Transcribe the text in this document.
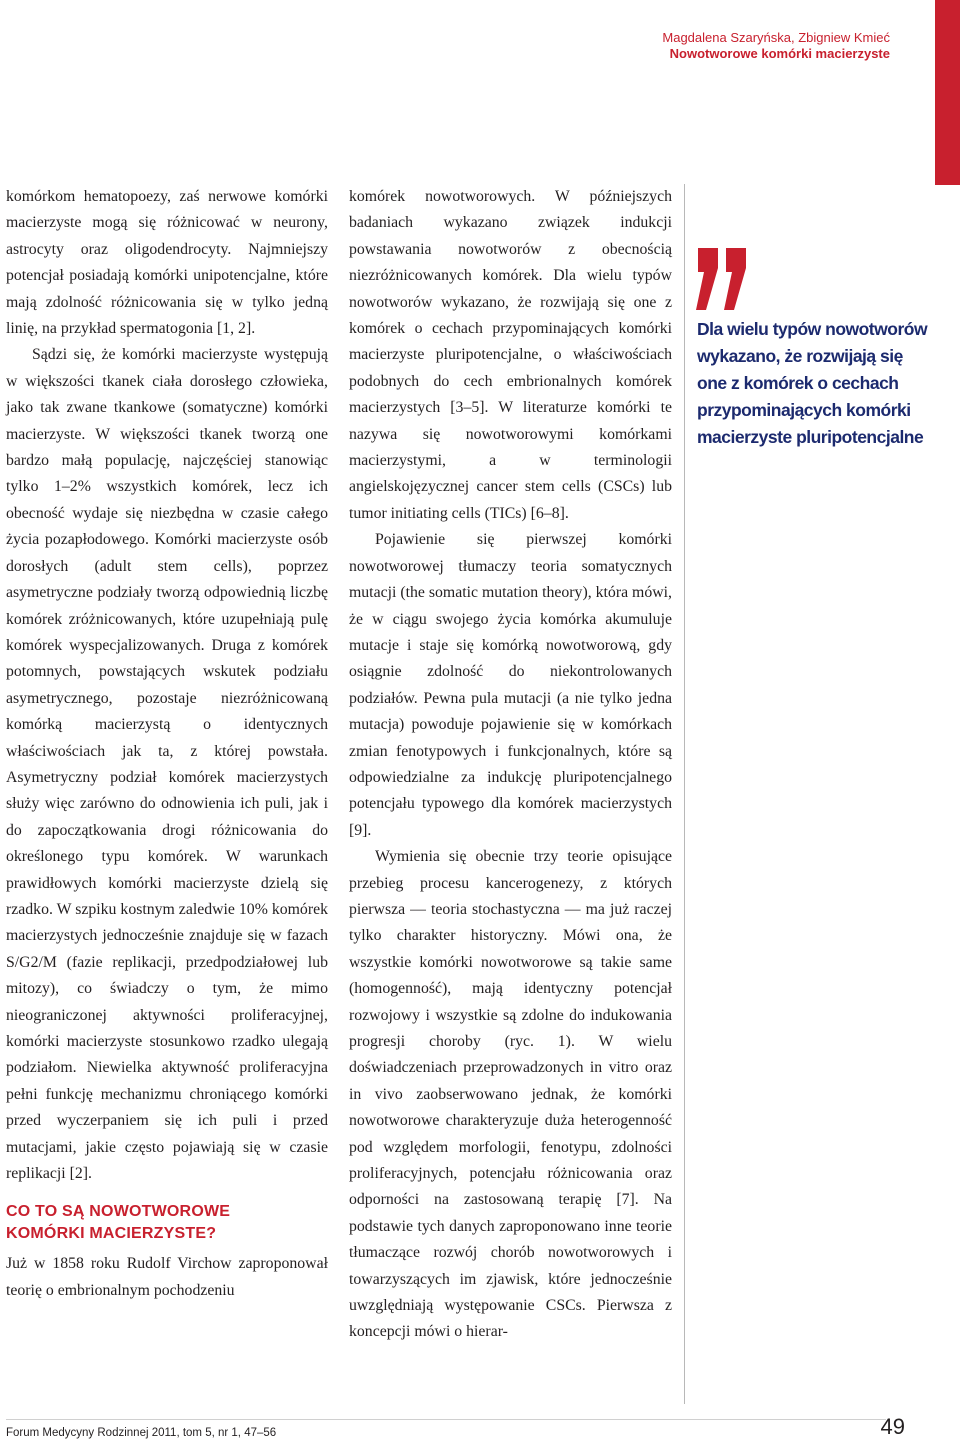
Magdalena Szaryńska, Zbigniew Kmieć
Nowotworowe komórki macierzyste

komórkom hematopoezy, zaś nerwowe komórki macierzyste mogą się różnicować w neurony, astrocyty oraz oligodendrocyty. Najmniejszy potencjał posiadają komórki unipotencjalne, które mają zdolność różnicowania się w tylko jedną linię, na przykład spermatogonia [1, 2].

Sądzi się, że komórki macierzyste występują w większości tkanek ciała dorosłego człowieka, jako tak zwane tkankowe (somatyczne) komórki macierzyste. W większości tkanek tworzą one bardzo małą populację, najczęściej stanowiąc tylko 1–2% wszystkich komórek, lecz ich obecność wydaje się niezbędna w czasie całego życia pozapłodowego. Komórki macierzyste osób dorosłych (adult stem cells), poprzez asymetryczne podziały tworzą odpowiednią liczbę komórek zróżnicowanych, które uzupełniają pulę komórek wyspecjalizowanych. Druga z komórek potomnych, powstających wskutek podziału asymetrycznego, pozostaje niezróżnicowaną komórką macierzystą o identycznych właściwościach jak ta, z której powstała. Asymetryczny podział komórek macierzystych służy więc zarówno do odnowienia ich puli, jak i do zapoczątkowania drogi różnicowania do określonego typu komórek. W warunkach prawidłowych komórki macierzyste dzielą się rzadko. W szpiku kostnym zaledwie 10% komórek macierzystych jednocześnie znajduje się w fazach S/G2/M (fazie replikacji, przedpodziałowej lub mitozy), co świadczy o tym, że mimo nieograniczonej aktywności proliferacyjnej, komórki macierzyste stosunkowo rzadko ulegają podziałom. Niewielka aktywność proliferacyjna pełni funkcję mechanizmu chroniącego komórki przed wyczerpaniem się ich puli i przed mutacjami, jakie często pojawiają się w czasie replikacji [2].

CO TO SĄ NOWOTWOROWE
KOMÓRKI MACIERZYSTE?

Już w 1858 roku Rudolf Virchow zaproponował teorię o embrionalnym pochodzeniu

komórek nowotworowych. W późniejszych badaniach wykazano związek indukcji powstawania nowotworów z obecnością niezróżnicowanych komórek. Dla wielu typów nowotworów wykazano, że rozwijają się one z komórek o cechach przypominających komórki macierzyste pluripotencjalne, o właściwościach podobnych do cech embrionalnych komórek macierzystych [3–5]. W literaturze komórki te nazywa się nowotworowymi komórkami macierzystymi, a w terminologii angielskojęzycznej cancer stem cells (CSCs) lub tumor initiating cells (TICs) [6–8].

Pojawienie się pierwszej komórki nowotworowej tłumaczy teoria somatycznych mutacji (the somatic mutation theory), która mówi, że w ciągu swojego życia komórka akumuluje mutacje i staje się komórką nowotworową, gdy osiągnie zdolność do niekontrolowanych podziałów. Pewna pula mutacji (a nie tylko jedna mutacja) powoduje pojawienie się w komórkach zmian fenotypowych i funkcjonalnych, które są odpowiedzialne za indukcję pluripotencjalnego potencjału typowego dla komórek macierzystych [9].

Wymienia się obecnie trzy teorie opisujące przebieg procesu kancerogenezy, z których pierwsza — teoria stochastyczna — ma już raczej tylko charakter historyczny. Mówi ona, że wszystkie komórki nowotworowe są takie same (homogenność), mają identyczny potencjał rozwojowy i wszystkie są zdolne do indukowania progresji choroby (ryc. 1). W wielu doświadczeniach przeprowadzonych in vitro oraz in vivo zaobserwowano jednak, że komórki nowotworowe charakteryzuje duża heterogenność pod względem morfologii, fenotypu, zdolności proliferacyjnych, potencjału różnicowania oraz odporności na zastosowaną terapię [7]. Na podstawie tych danych zaproponowano inne teorie tłumaczące rozwój chorób nowotworowych i towarzyszących im zjawisk, które jednocześnie uwzględniają występowanie CSCs. Pierwsza z koncepcji mówi o hierar-

Dla wielu typów nowotworów wykazano, że rozwijają się one z komórek o cechach przypominających komórki macierzyste pluripotencjalne
Forum Medycyny Rodzinnej 2011, tom 5, nr 1, 47–56	49
